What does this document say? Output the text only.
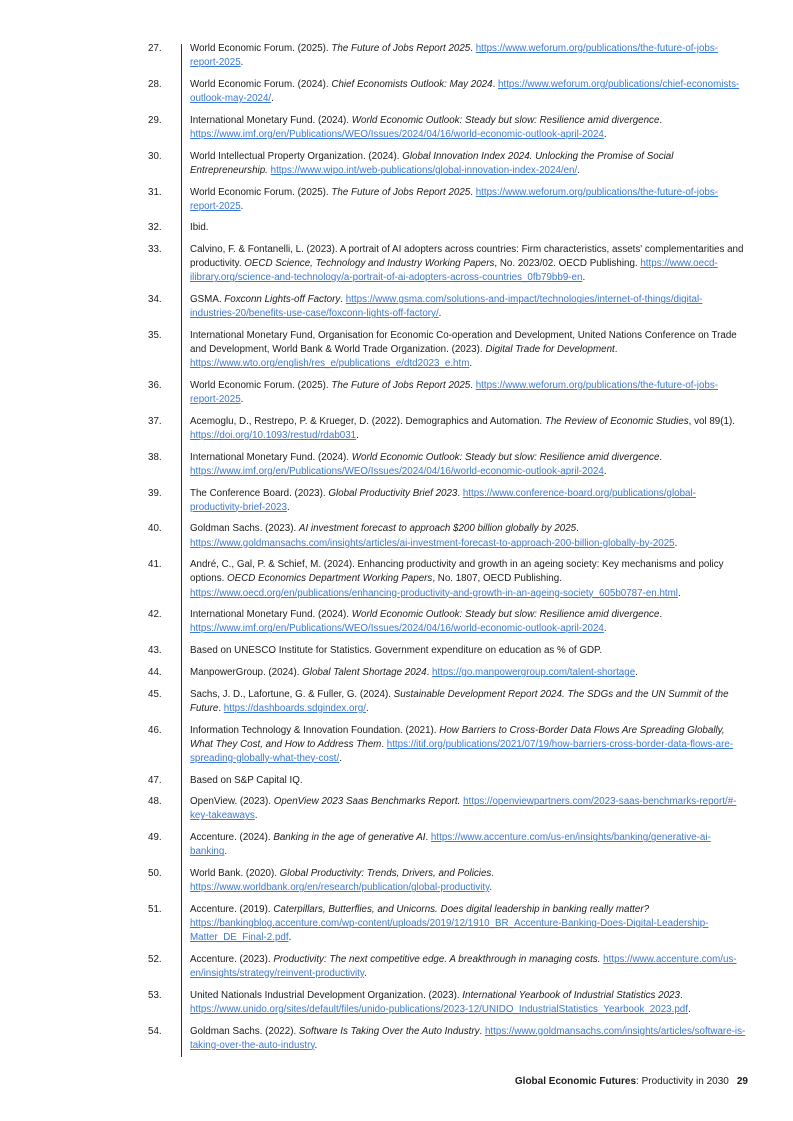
27.	World Economic Forum. (2025). The Future of Jobs Report 2025. https://www.weforum.org/publications/the-future-of-jobs-report-2025.
28.	World Economic Forum. (2024). Chief Economists Outlook: May 2024. https://www.weforum.org/publications/chief-economists-outlook-may-2024/.
29.	International Monetary Fund. (2024). World Economic Outlook: Steady but slow: Resilience amid divergence. https://www.imf.org/en/Publications/WEO/Issues/2024/04/16/world-economic-outlook-april-2024.
30.	World Intellectual Property Organization. (2024). Global Innovation Index 2024. Unlocking the Promise of Social Entrepreneurship. https://www.wipo.int/web-publications/global-innovation-index-2024/en/.
31.	World Economic Forum. (2025). The Future of Jobs Report 2025. https://www.weforum.org/publications/the-future-of-jobs-report-2025.
32.	Ibid.
33.	Calvino, F. & Fontanelli, L. (2023). A portrait of AI adopters across countries: Firm characteristics, assets' complementarities and productivity. OECD Science, Technology and Industry Working Papers, No. 2023/02. OECD Publishing. https://www.oecd-ilibrary.org/science-and-technology/a-portrait-of-ai-adopters-across-countries_0fb79bb9-en.
34.	GSMA. Foxconn Lights-off Factory. https://www.gsma.com/solutions-and-impact/technologies/internet-of-things/digital-industries-20/benefits-use-case/foxconn-lights-off-factory/.
35.	International Monetary Fund, Organisation for Economic Co-operation and Development, United Nations Conference on Trade and Development, World Bank & World Trade Organization. (2023). Digital Trade for Development. https://www.wto.org/english/res_e/publications_e/dtd2023_e.htm.
36.	World Economic Forum. (2025). The Future of Jobs Report 2025. https://www.weforum.org/publications/the-future-of-jobs-report-2025.
37.	Acemoglu, D., Restrepo, P. & Krueger, D. (2022). Demographics and Automation. The Review of Economic Studies, vol 89(1). https://doi.org/10.1093/restud/rdab031.
38.	International Monetary Fund. (2024). World Economic Outlook: Steady but slow: Resilience amid divergence. https://www.imf.org/en/Publications/WEO/Issues/2024/04/16/world-economic-outlook-april-2024.
39.	The Conference Board. (2023). Global Productivity Brief 2023. https://www.conference-board.org/publications/global-productivity-brief-2023.
40.	Goldman Sachs. (2023). AI investment forecast to approach $200 billion globally by 2025. https://www.goldmansachs.com/insights/articles/ai-investment-forecast-to-approach-200-billion-globally-by-2025.
41.	André, C., Gal, P. & Schief, M. (2024). Enhancing productivity and growth in an ageing society: Key mechanisms and policy options. OECD Economics Department Working Papers, No. 1807, OECD Publishing. https://www.oecd.org/en/publications/enhancing-productivity-and-growth-in-an-ageing-society_605b0787-en.html.
42.	International Monetary Fund. (2024). World Economic Outlook: Steady but slow: Resilience amid divergence. https://www.imf.org/en/Publications/WEO/Issues/2024/04/16/world-economic-outlook-april-2024.
43.	Based on UNESCO Institute for Statistics. Government expenditure on education as % of GDP.
44.	ManpowerGroup. (2024). Global Talent Shortage 2024. https://go.manpowergroup.com/talent-shortage.
45.	Sachs, J. D., Lafortune, G. & Fuller, G. (2024). Sustainable Development Report 2024. The SDGs and the UN Summit of the Future. https://dashboards.sdgindex.org/.
46.	Information Technology & Innovation Foundation. (2021). How Barriers to Cross-Border Data Flows Are Spreading Globally, What They Cost, and How to Address Them. https://itif.org/publications/2021/07/19/how-barriers-cross-border-data-flows-are-spreading-globally-what-they-cost/.
47.	Based on S&P Capital IQ.
48.	OpenView. (2023). OpenView 2023 Saas Benchmarks Report. https://openviewpartners.com/2023-saas-benchmarks-report/#-key-takeaways.
49.	Accenture. (2024). Banking in the age of generative AI. https://www.accenture.com/us-en/insights/banking/generative-ai-banking.
50.	World Bank. (2020). Global Productivity: Trends, Drivers, and Policies. https://www.worldbank.org/en/research/publication/global-productivity.
51.	Accenture. (2019). Caterpillars, Butterflies, and Unicorns. Does digital leadership in banking really matter? https://bankingblog.accenture.com/wp-content/uploads/2019/12/1910_BR_Accenture-Banking-Does-Digital-Leadership-Matter_DE_Final-2.pdf.
52.	Accenture. (2023). Productivity: The next competitive edge. A breakthrough in managing costs. https://www.accenture.com/us-en/insights/strategy/reinvent-productivity.
53.	United Nationals Industrial Development Organization. (2023). International Yearbook of Industrial Statistics 2023. https://www.unido.org/sites/default/files/unido-publications/2023-12/UNIDO_IndustrialStatistics_Yearbook_2023.pdf.
54.	Goldman Sachs. (2022). Software Is Taking Over the Auto Industry. https://www.goldmansachs.com/insights/articles/software-is-taking-over-the-auto-industry.
Global Economic Futures: Productivity in 2030 29
